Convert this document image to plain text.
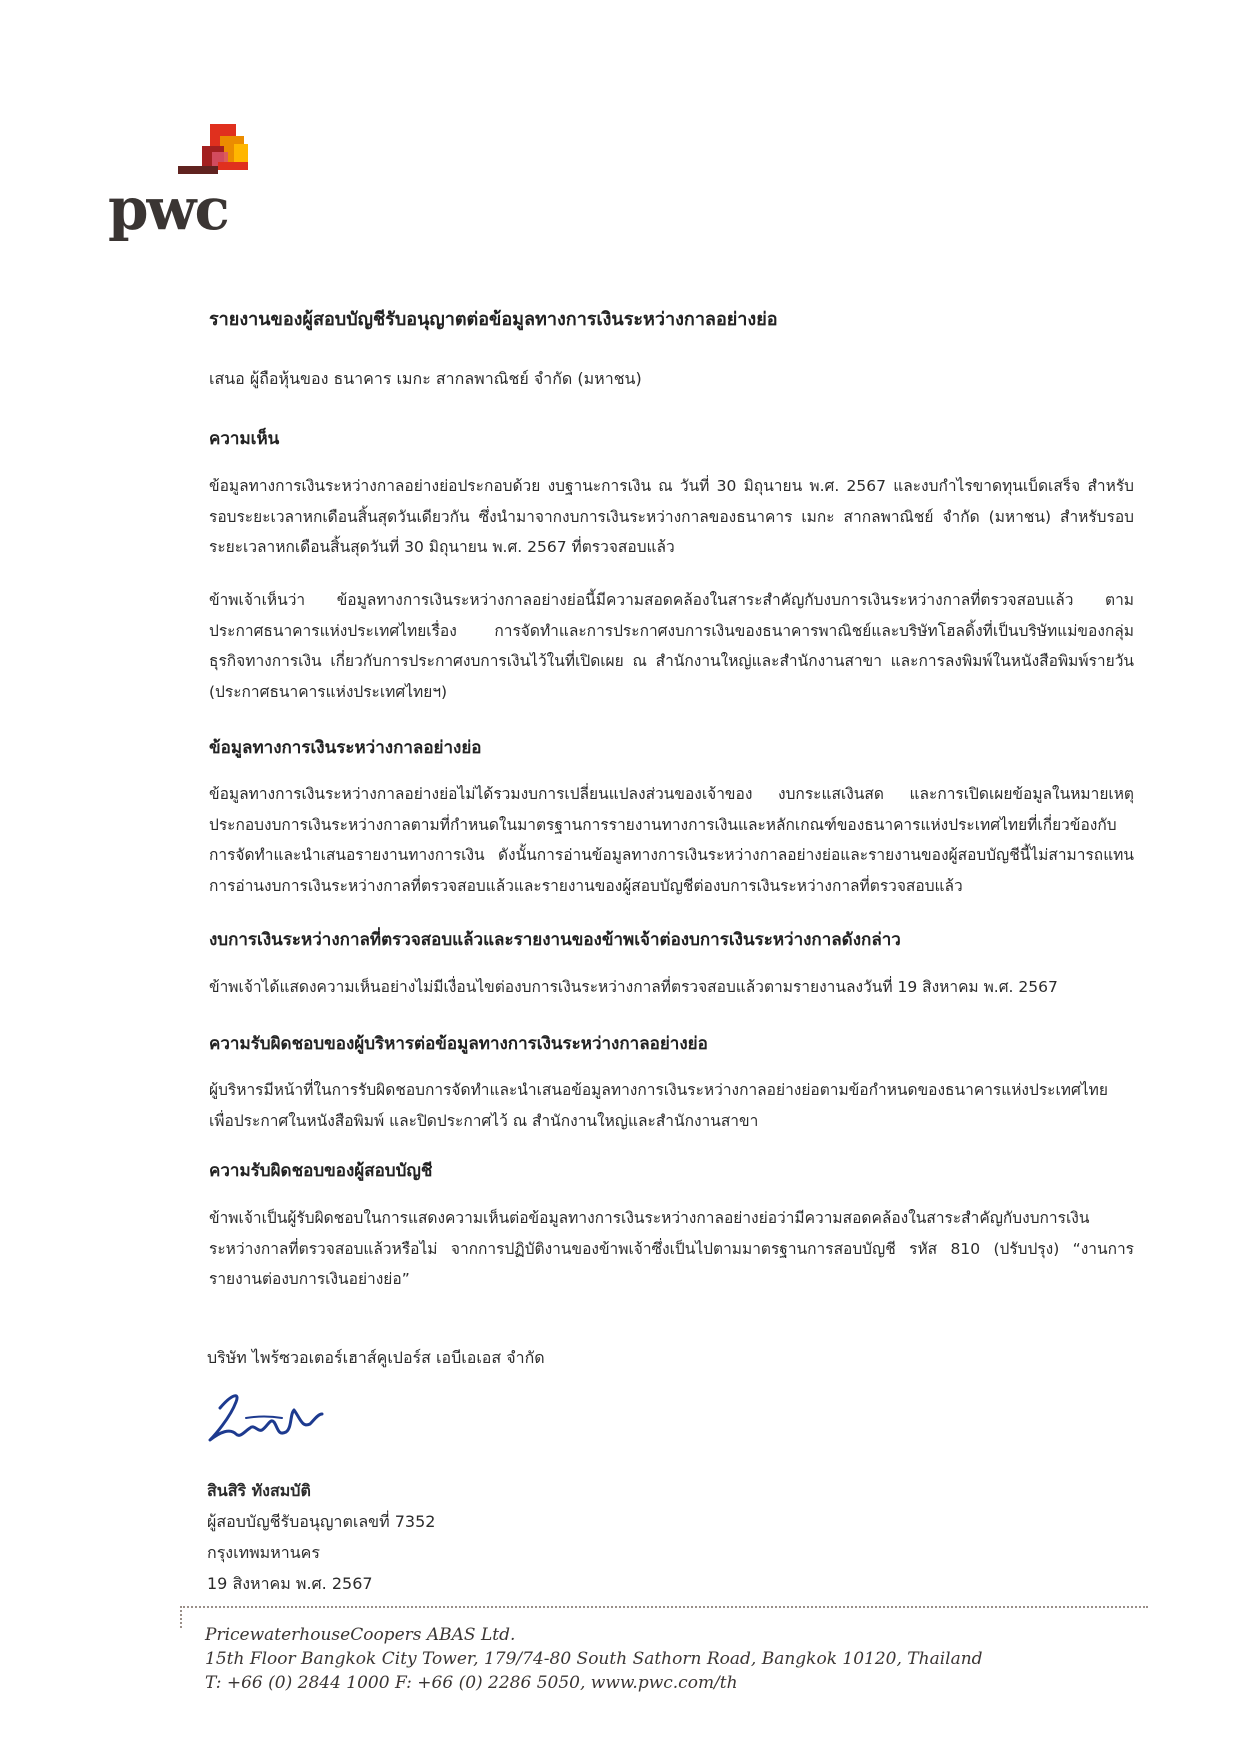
pwc
รายงานของผู้สอบบัญชีรับอนุญาตต่อข้อมูลทางการเงินระหว่างกาลอย่างย่อ
เสนอ ผู้ถือหุ้นของ ธนาคาร เมกะ สากลพาณิชย์ จำกัด (มหาชน)
ความเห็น
ข้อมูลทางการเงินระหว่างกาลอย่างย่อประกอบด้วย งบฐานะการเงิน ณ วันที่ 30 มิถุนายน พ.ศ. 2567 และงบกำไรขาดทุนเบ็ดเสร็จ สำหรับรอบระยะเวลาหกเดือนสิ้นสุดวันเดียวกัน ซึ่งนำมาจากงบการเงินระหว่างกาลของธนาคาร เมกะ สากลพาณิชย์ จำกัด (มหาชน) สำหรับรอบระยะเวลาหกเดือนสิ้นสุดวันที่ 30 มิถุนายน พ.ศ. 2567 ที่ตรวจสอบแล้ว
ข้าพเจ้าเห็นว่า ข้อมูลทางการเงินระหว่างกาลอย่างย่อนี้มีความสอดคล้องในสาระสำคัญกับงบการเงินระหว่างกาลที่ตรวจสอบแล้ว ตามประกาศธนาคารแห่งประเทศไทยเรื่อง การจัดทำและการประกาศงบการเงินของธนาคารพาณิชย์และบริษัทโฮลดิ้งที่เป็นบริษัทแม่ของกลุ่มธุรกิจทางการเงิน เกี่ยวกับการประกาศงบการเงินไว้ในที่เปิดเผย ณ สำนักงานใหญ่และสำนักงานสาขา และการลงพิมพ์ในหนังสือพิมพ์รายวัน (ประกาศธนาคารแห่งประเทศไทยฯ)
ข้อมูลทางการเงินระหว่างกาลอย่างย่อ
ข้อมูลทางการเงินระหว่างกาลอย่างย่อไม่ได้รวมงบการเปลี่ยนแปลงส่วนของเจ้าของ งบกระแสเงินสด และการเปิดเผยข้อมูลในหมายเหตุประกอบงบการเงินระหว่างกาลตามที่กำหนดในมาตรฐานการรายงานทางการเงินและหลักเกณฑ์ของธนาคารแห่งประเทศไทยที่เกี่ยวข้องกับการจัดทำและนำเสนอรายงานทางการเงิน ดังนั้นการอ่านข้อมูลทางการเงินระหว่างกาลอย่างย่อและรายงานของผู้สอบบัญชีนี้ไม่สามารถแทนการอ่านงบการเงินระหว่างกาลที่ตรวจสอบแล้วและรายงานของผู้สอบบัญชีต่องบการเงินระหว่างกาลที่ตรวจสอบแล้ว
งบการเงินระหว่างกาลที่ตรวจสอบแล้วและรายงานของข้าพเจ้าต่องบการเงินระหว่างกาลดังกล่าว
ข้าพเจ้าได้แสดงความเห็นอย่างไม่มีเงื่อนไขต่องบการเงินระหว่างกาลที่ตรวจสอบแล้วตามรายงานลงวันที่ 19 สิงหาคม พ.ศ. 2567
ความรับผิดชอบของผู้บริหารต่อข้อมูลทางการเงินระหว่างกาลอย่างย่อ
ผู้บริหารมีหน้าที่ในการรับผิดชอบการจัดทำและนำเสนอข้อมูลทางการเงินระหว่างกาลอย่างย่อตามข้อกำหนดของธนาคารแห่งประเทศไทย เพื่อประกาศในหนังสือพิมพ์ และปิดประกาศไว้ ณ สำนักงานใหญ่และสำนักงานสาขา
ความรับผิดชอบของผู้สอบบัญชี
ข้าพเจ้าเป็นผู้รับผิดชอบในการแสดงความเห็นต่อข้อมูลทางการเงินระหว่างกาลอย่างย่อว่ามีความสอดคล้องในสาระสำคัญกับงบการเงินระหว่างกาลที่ตรวจสอบแล้วหรือไม่ จากการปฏิบัติงานของข้าพเจ้าซึ่งเป็นไปตามมาตรฐานการสอบบัญชี รหัส 810 (ปรับปรุง) “งานการรายงานต่องบการเงินอย่างย่อ”
บริษัท ไพร้ซวอเตอร์เฮาส์คูเปอร์ส เอบีเอเอส จำกัด
สินสิริ ทังสมบัติ
ผู้สอบบัญชีรับอนุญาตเลขที่ 7352
กรุงเทพมหานคร
19 สิงหาคม พ.ศ. 2567
PricewaterhouseCoopers ABAS Ltd.
15th Floor Bangkok City Tower, 179/74-80 South Sathorn Road, Bangkok 10120, Thailand
T: +66 (0) 2844 1000 F: +66 (0) 2286 5050, www.pwc.com/th
